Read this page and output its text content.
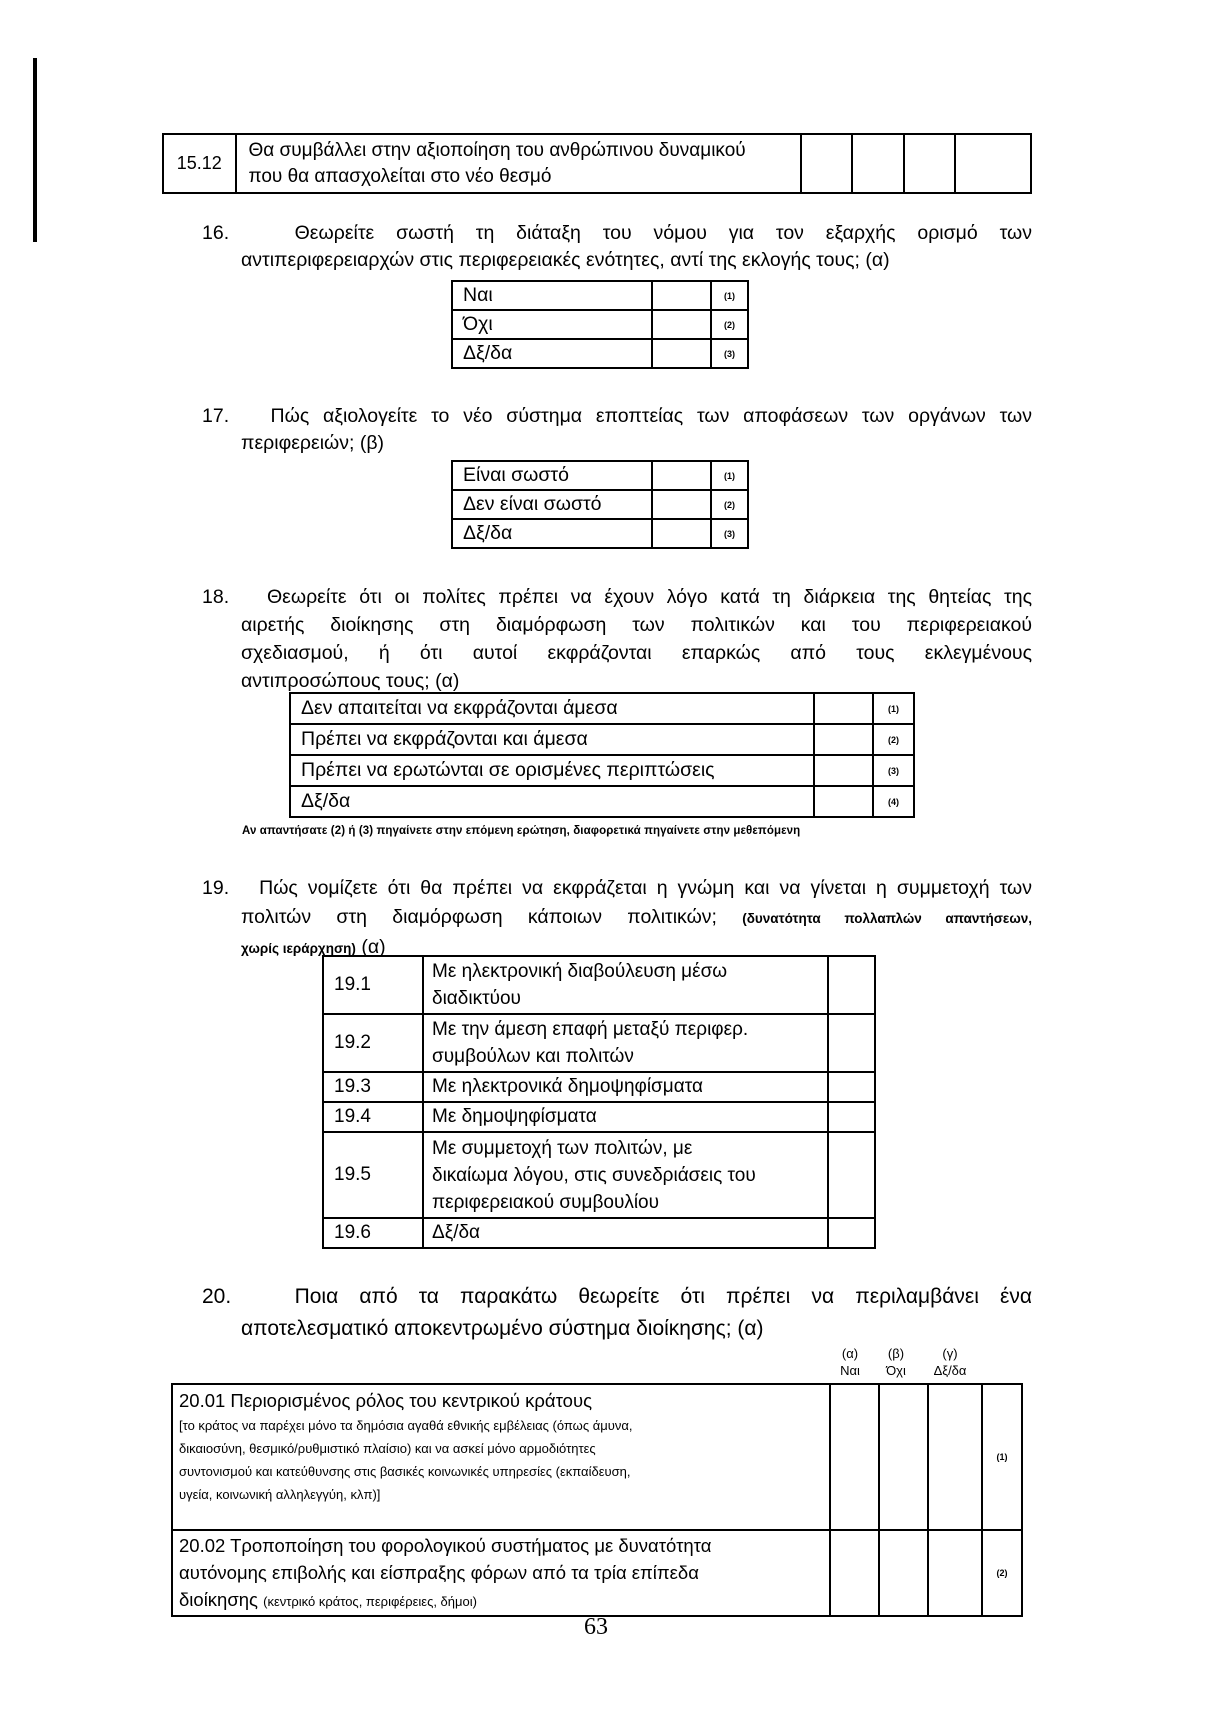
15.12	
Θα συμβάλλει στην αξιοποίηση του ανθρώπινου δυναμικού
που θα απασχολείται στο νέο θεσμό

16.	Θεωρείτε σωστή τη διάταξη του νόμου για τον εξαρχής ορισμό των
αντιπεριφερειαρχών στις περιφερειακές ενότητες, αντί της εκλογής τους; (α)
Ναι		(1)
Όχι		(2)
Δξ/δα		(3)
17. Πώς αξιολογείτε το νέο σύστημα εποπτείας των αποφάσεων των οργάνων των
περιφερειών; (β)
Είναι σωστό		(1)
Δεν είναι σωστό		(2)
Δξ/δα		(3)
18. Θεωρείτε ότι οι πολίτες πρέπει να έχουν λόγο κατά τη διάρκεια της θητείας της
αιρετής διοίκησης στη διαμόρφωση των πολιτικών και του περιφερειακού
σχεδιασμού, ή ότι αυτοί εκφράζονται επαρκώς από τους εκλεγμένους
αντιπροσώπους τους; (α)
Δεν απαιτείται να εκφράζονται άμεσα		(1)
Πρέπει να εκφράζονται και άμεσα		(2)
Πρέπει να ερωτώνται σε ορισμένες περιπτώσεις		(3)
Δξ/δα		(4)
Αν απαντήσατε (2) ή (3) πηγαίνετε στην επόμενη ερώτηση, διαφορετικά πηγαίνετε στην μεθεπόμενη
19. Πώς νομίζετε ότι θα πρέπει να εκφράζεται η γνώμη και να γίνεται η συμμετοχή των
πολιτών στη διαμόρφωση κάποιων πολιτικών; (δυνατότητα πολλαπλών απαντήσεων,
χωρίς ιεράρχηση) (α)
19.1	Με ηλεκτρονική διαβούλευση μέσω
διαδικτύου	

19.2	Με την άμεση επαφή μεταξύ περιφερ.
συμβούλων και πολιτών	

19.3	Με ηλεκτρονικά δημοψηφίσματα	
19.4	Με δημοψηφίσματα	
19.5	Με συμμετοχή των πολιτών, με
δικαίωμα λόγου, στις συνεδριάσεις του
περιφερειακού συμβουλίου	

19.6	Δξ/δα	
20.	Ποια από τα παρακάτω θεωρείτε ότι πρέπει να περιλαμβάνει ένα
αποτελεσματικό αποκεντρωμένο σύστημα διοίκησης; (α)
(α)
Ναι
(β)
Όχι
(γ)
Δξ/δα
20.01 Περιορισμένος ρόλος του κεντρικού κράτους
[το κράτος να παρέχει μόνο τα δημόσια αγαθά εθνικής εμβέλειας (όπως άμυνα,
δικαιοσύνη, θεσμικό/ρυθμιστικό πλαίσιο) και να ασκεί μόνο αρμοδιότητες
συντονισμού και κατεύθυνσης στις βασικές κοινωνικές υπηρεσίες (εκπαίδευση,
υγεία, κοινωνική αλληλεγγύη, κλπ)]				(1)

20.02 Τροποποίηση του φορολογικού συστήματος με δυνατότητα
αυτόνομης επιβολής και είσπραξης φόρων από τα τρία επίπεδα
διοίκησης (κεντρικό κράτος, περιφέρειες, δήμοι)				(2)
63
